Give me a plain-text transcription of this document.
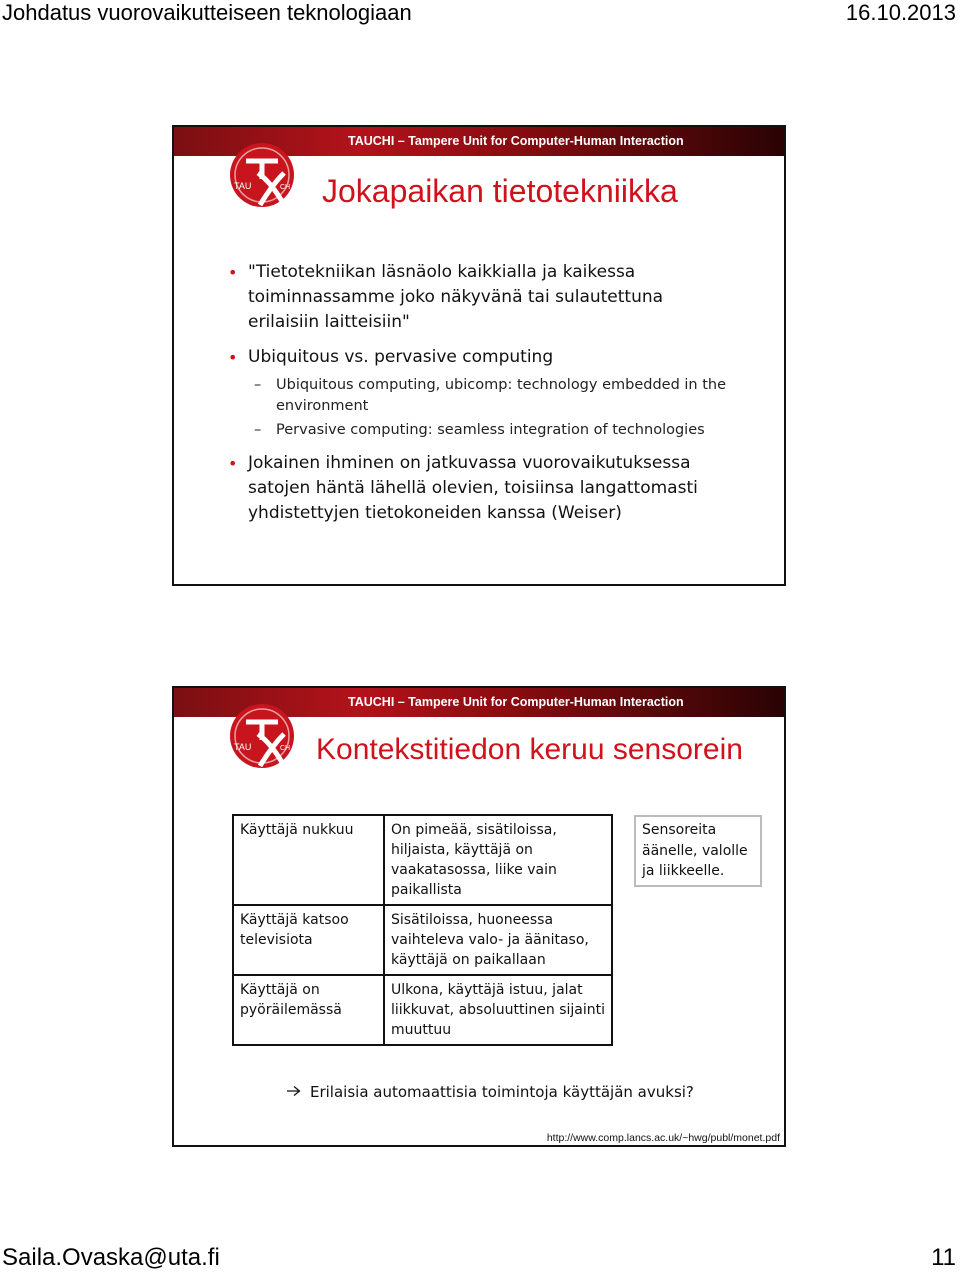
Johdatus vuorovaikutteiseen teknologiaan	16.10.2013
TAUCHI – Tampere Unit for Computer-Human Interaction
TAU	CH Jokapaikan tietotekniikka
• "Tietotekniikan läsnäolo kaikkialla ja kaikessa
toiminnassamme joko näkyvänä tai sulautettuna
erilaisiin laitteisiin"
• Ubiquitous vs. pervasive computing
– Ubiquitous computing, ubicomp: technology embedded in the
environment
– Pervasive computing: seamless integration of technologies
• Jokainen ihminen on jatkuvassa vuorovaikutuksessa
satojen häntä lähellä olevien, toisiinsa langattomasti
yhdistettyjen tietokoneiden kanssa (Weiser)
TAUCHI – Tampere Unit for Computer-Human Interaction
TAU	CH Kontekstitiedon keruu sensorein
Käyttäjä nukkuu	On pimeää, sisätiloissa, hiljaista, käyttäjä on vaakatasossa, liike vain paikallista
Käyttäjä katsoo televisiota	Sisätiloissa, huoneessa vaihteleva valo- ja äänitaso, käyttäjä on paikallaan
Käyttäjä on pyöräilemässä	Ulkona, käyttäjä istuu, jalat liikkuvat, absoluuttinen sijainti muuttuu
Sensoreita äänelle, valolle ja liikkeelle.
Erilaisia automaattisia toimintoja käyttäjän avuksi?
http://www.comp.lancs.ac.uk/~hwg/publ/monet.pdf
Saila.Ovaska@uta.fi	11
